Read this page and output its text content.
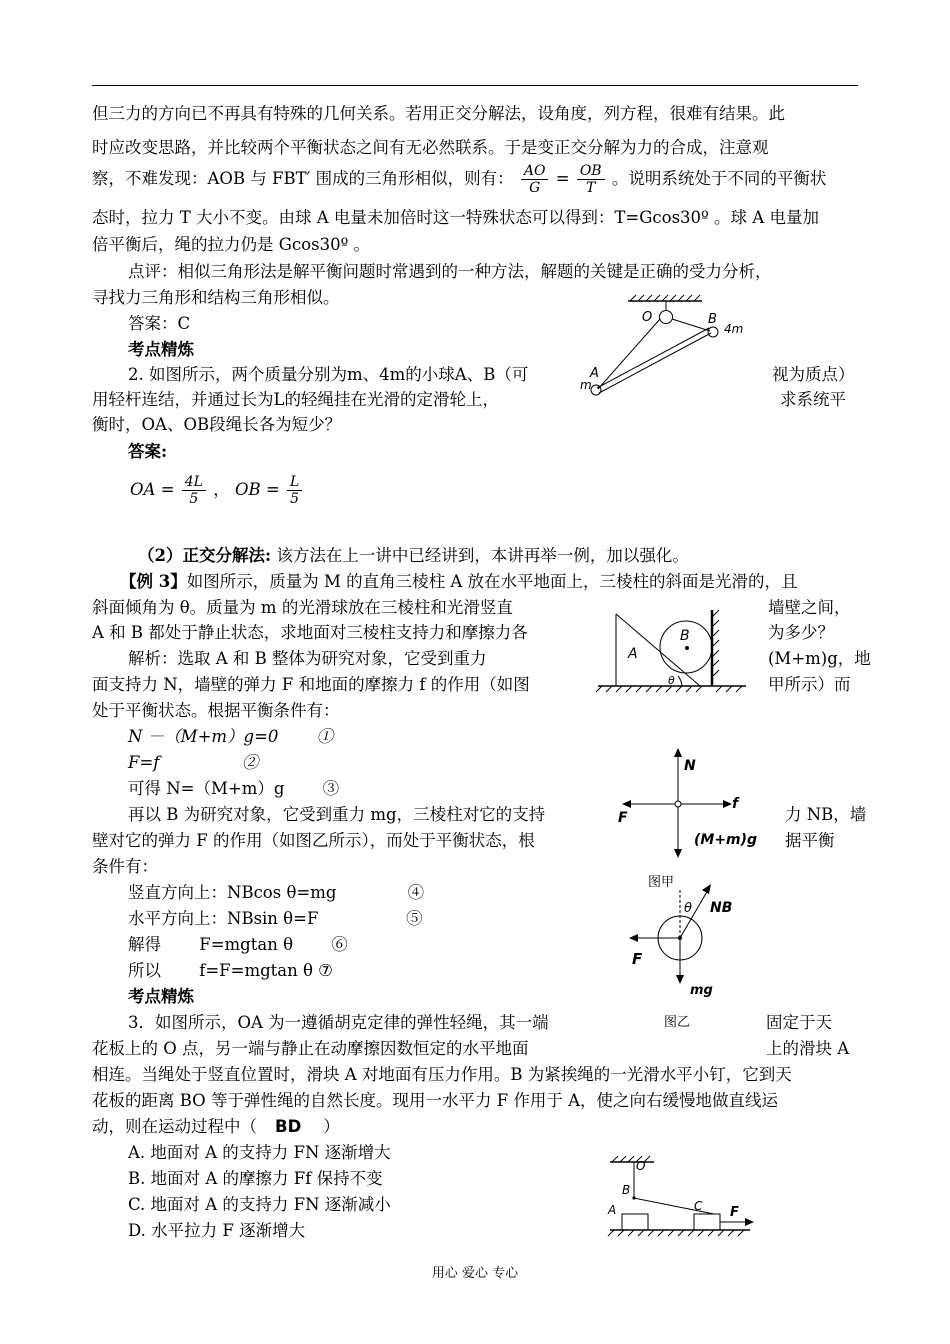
但三力的方向已不再具有特殊的几何关系。若用正交分解法，设角度，列方程，很难有结果。此
时应改变思路，并比较两个平衡状态之间有无必然联系。于是变正交分解为力的合成，注意观
察，不难发现：AOB 与 FBT′ 围成的三角形相似，则有： $\frac{AO}{G} = \frac{OB}{T}$ 。说明系统处于不同的平衡状
态时，拉力 T 大小不变。由球 A 电量未加倍时这一特殊状态可以得到：T=Gcos30º 。球 A 电量加
倍平衡后，绳的拉力仍是 Gcos30º 。
点评：相似三角形法是解平衡问题时常遇到的一种方法，解题的关键是正确的受力分析，
寻找力三角形和结构三角形相似。
答案：C
考点精炼
2. 如图所示，两个质量分别为m、4m的小球A、B（可	视为质点）
用轻杆连结，并通过长为L的轻绳挂在光滑的定滑轮上，	求系统平
衡时，OA、OB段绳长各为短少？
答案:
OA = $\frac{4L}{5}$ ， OB = $\frac{L}{5}$
（2）正交分解法: 该方法在上一讲中已经讲到，本讲再举一例，加以强化。
【例 3】如图所示，质量为 M 的直角三棱柱 A 放在水平地面上，三棱柱的斜面是光滑的，且
斜面倾角为 θ。质量为 m 的光滑球放在三棱柱和光滑竖直	墙壁之间，
A 和 B 都处于静止状态，求地面对三棱柱支持力和摩擦力各	为多少？
解析：选取 A 和 B 整体为研究对象，它受到重力	(M+m)g，地
面支持力 N，墙壁的弹力 F 和地面的摩擦力 f 的作用（如图	甲所示）而
处于平衡状态。根据平衡条件有：
N －（M+m）g=0　　 ①
F=f　　　　　②
可得 N=（M+m）g　　 ③
再以 B 为研究对象，它受到重力 mg，三棱柱对它的支持	力 NB，墙
壁对它的弹力 F 的作用（如图乙所示），而处于平衡状态，根	据平衡
条件有：
竖直方向上：NBcos θ=mg　　　　 ④
水平方向上：NBsin θ=F　　　　　 ⑤
解得　　 F=mgtan θ　　 ⑥
所以　　 f=F=mgtan θ ⑦
考点精炼
3．如图所示，OA 为一遵循胡克定律的弹性轻绳，其一端	固定于天
花板上的 O 点，另一端与静止在动摩擦因数恒定的水平地面	上的滑块 A
相连。当绳处于竖直位置时，滑块 A 对地面有压力作用。B 为紧挨绳的一光滑水平小钉，它到天
花板的距离 BO 等于弹性绳的自然长度。现用一水平力 F 作用于 A，使之向右缓慢地做直线运
动，则在运动过程中（ BD ）
A. 地面对 A 的支持力 FN 逐渐增大
B. 地面对 A 的摩擦力 Ff 保持不变
C. 地面对 A 的支持力 FN 逐渐减小
D. 水平拉力 F 逐渐增大
O	B
4m
A
m
A
B
θ
N
f
F
(M+m)g
图甲
θ NB
F
mg
图乙
O
B
A	C F
用心 爱心 专心
